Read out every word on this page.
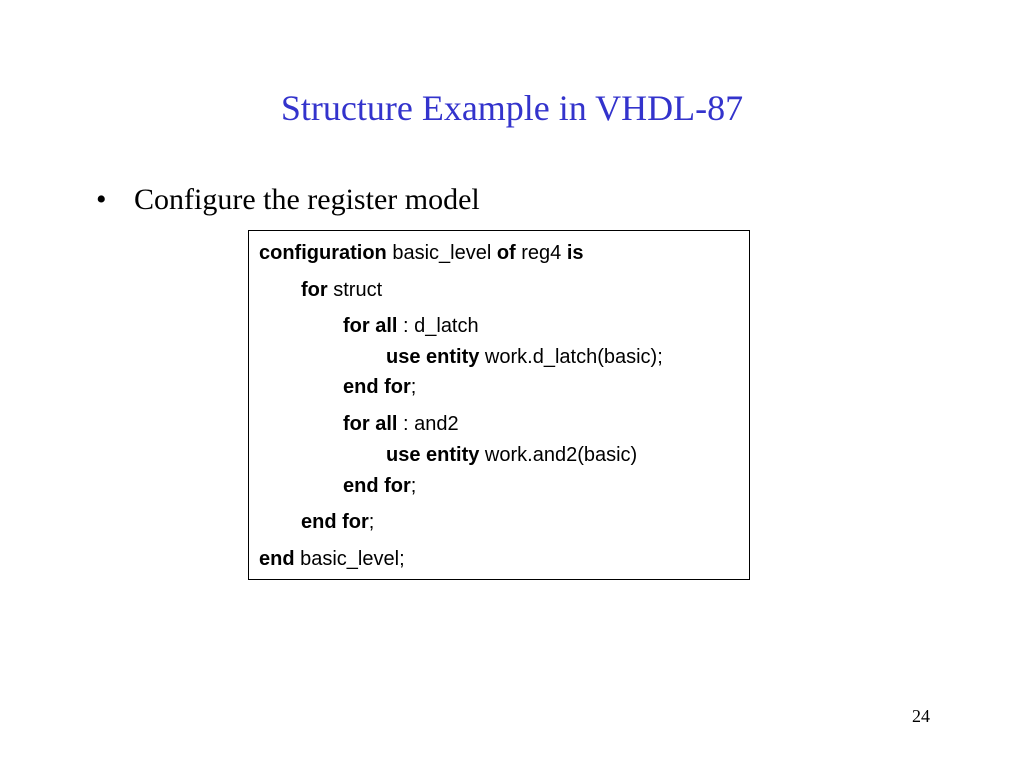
Structure Example in VHDL-87
• Configure the register model
configuration basic_level of reg4 is
for struct
for all : d_latch
use entity work.d_latch(basic);
end for;
for all : and2
use entity work.and2(basic)
end for;
end for;
end basic_level;
24
